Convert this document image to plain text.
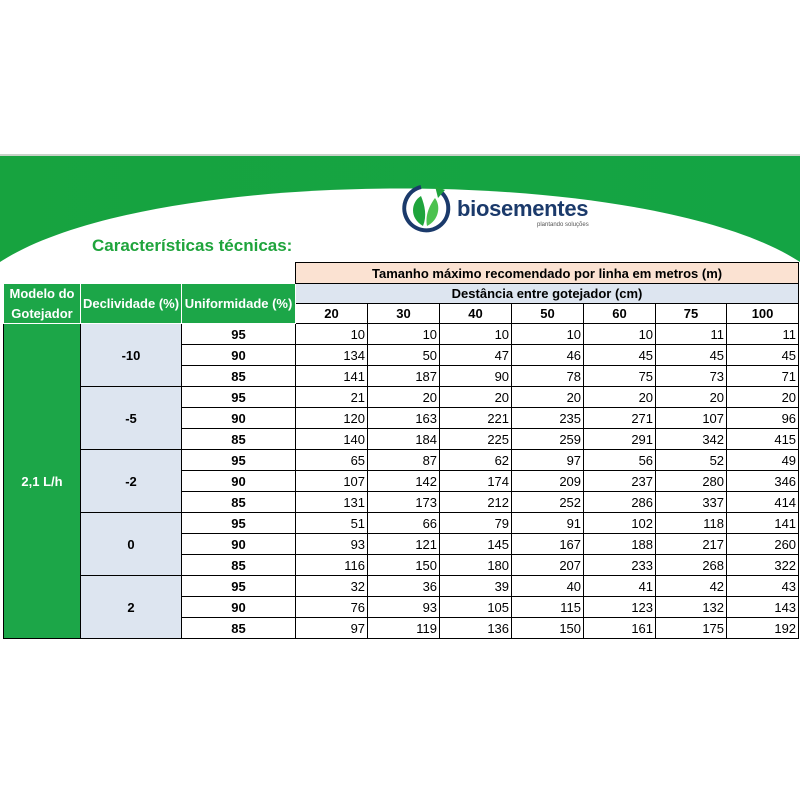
biosementes
plantando soluções
Características técnicas:
			Tamanho máximo recomendado por linha em metros (m)						
Modelo do Gotejador	Declividade (%)	Uniformidade (%)	Destância entre gotejador (cm)						
			20	30	40	50	60	75	100
2,1 L/h	-10	95	10	10	10	10	10	11	11
		90	134	50	47	46	45	45	45
		85	141	187	90	78	75	73	71
	-5	95	21	20	20	20	20	20	20
		90	120	163	221	235	271	107	96
		85	140	184	225	259	291	342	415
	-2	95	65	87	62	97	56	52	49
		90	107	142	174	209	237	280	346
		85	131	173	212	252	286	337	414
	0	95	51	66	79	91	102	118	141
		90	93	121	145	167	188	217	260
		85	116	150	180	207	233	268	322
	2	95	32	36	39	40	41	42	43
		90	76	93	105	115	123	132	143
		85	97	119	136	150	161	175	192
